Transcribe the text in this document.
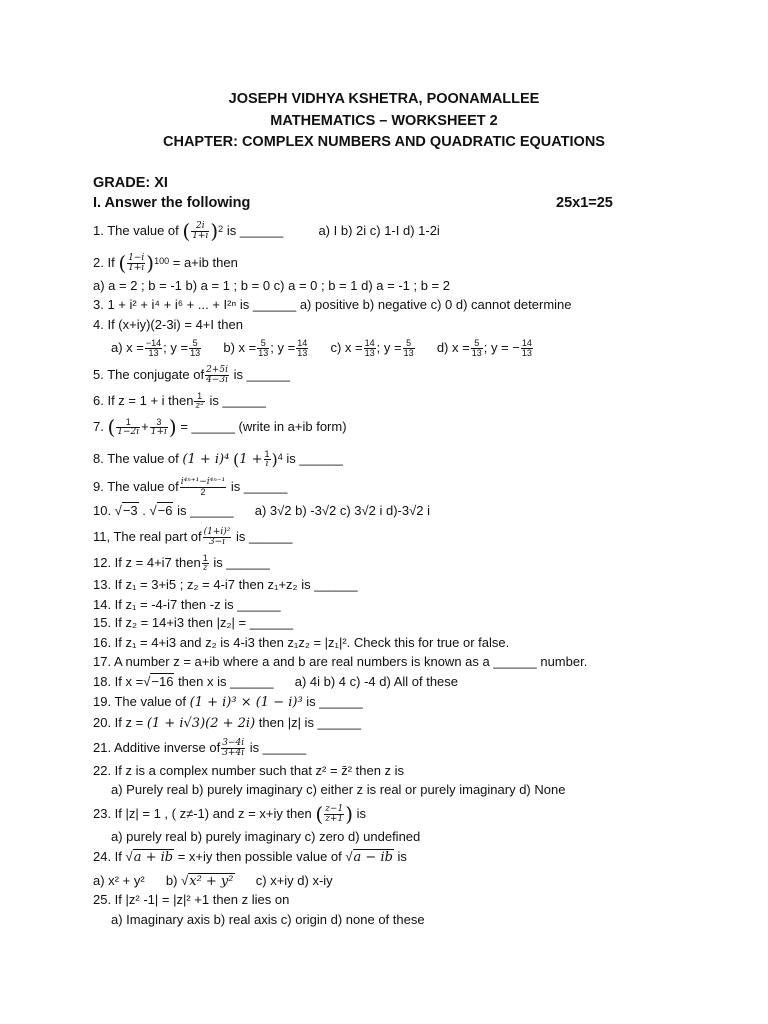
JOSEPH VIDHYA KSHETRA, POONAMALLEE
MATHEMATICS – WORKSHEET 2
CHAPTER: COMPLEX NUMBERS AND QUADRATIC EQUATIONS
GRADE: XI
I. Answer the following	25x1=25
1. The value of ( $\frac{2i}{1+i} )^2$ is ______	a) I b) 2i c) 1-I d) 1-2i
2. If ( $\frac{1-i}{1+i} )^{100} = a+ib$ then
a) a = 2 ; b = -1 b) a = 1 ; b = 0 c) a = 0 ; b = 1 d) a = -1 ; b = 2
3. 1 + i² + i⁴ + i⁶ + ... + I²ⁿ is ______ a) positive b) negative c) 0 d) cannot determine
4. If (x+iy)(2-3i) = 4+I then
a) $x = \frac{-14}{13}$ ; $y = \frac{5}{13} b$) $x = \frac{5}{13}$ ; $y = \frac{14}{13} c$) $x = \frac{14}{13}$ ; $y = \frac{5}{13} d$) $x = \frac{5}{13}$ ; y = − $\frac{14}{13}$
5. The conjugate of $\frac{2+5i}{4-3i}$ is ______
6. If z = 1 + i then $\frac{1}{\text{z²}}$ is ______
7. ( $\frac{1}{1-2i} + \frac{3}{1+i}$ ) = ______ (write in a+ib form)
8. The value of (1 + i)⁴ $(1 + \frac{1}{i} )^4$ is ______
9. The value of $\frac{\text{i⁴ⁿ⁺¹−i⁴ⁿ⁻¹}}{2}$ is ______
10. √−3 . √−6 is ______ a) 3√2 b) -3√2 c) 3√2 i d)-3√2 i
11, The real part of $\frac{\text{(1+i)²}}{3-i}$ is ______
12. If z = 4+i7 then $\frac{1}{z}$ is ______
13. If z₁ = 3+i5 ; z₂ = 4-i7 then z₁+z₂ is ______
14. If z₁ = -4-i7 then -z is ______
15. If z₂ = 14+i3 then |z₂| = ______
16. If z₁ = 4+i3 and z₂ is 4-i3 then z₁z₂ = |z₁|². Check this for true or false.
17. A number z = a+ib where a and b are real numbers is known as a ______ number.
18. If x =√−16 then x is ______ a) 4i b) 4 c) -4 d) All of these
19. The value of (1 + i)³ × (1 − i)³ is ______
20. If z = (1 + i√3)(2 + 2i) then |z| is ______
21. Additive inverse of $\frac{3-4i}{3+4i}$ is ______
22. If z is a complex number such that z² = z̄² then z is
a) Purely real b) purely imaginary c) either z is real or purely imaginary d) None
23. If |z| = 1 , ( z≠-1) and z = x+iy then ( $\frac{z-1}{z+1}$ ) is
a) purely real b) purely imaginary c) zero d) undefined
24. If √a + ib = x+iy then possible value of √a − ib is
a) x² + y² b) √x² + y² c) x+iy d) x-iy
25. If |z² -1| = |z|² +1 then z lies on
a) Imaginary axis b) real axis c) origin d) none of these
